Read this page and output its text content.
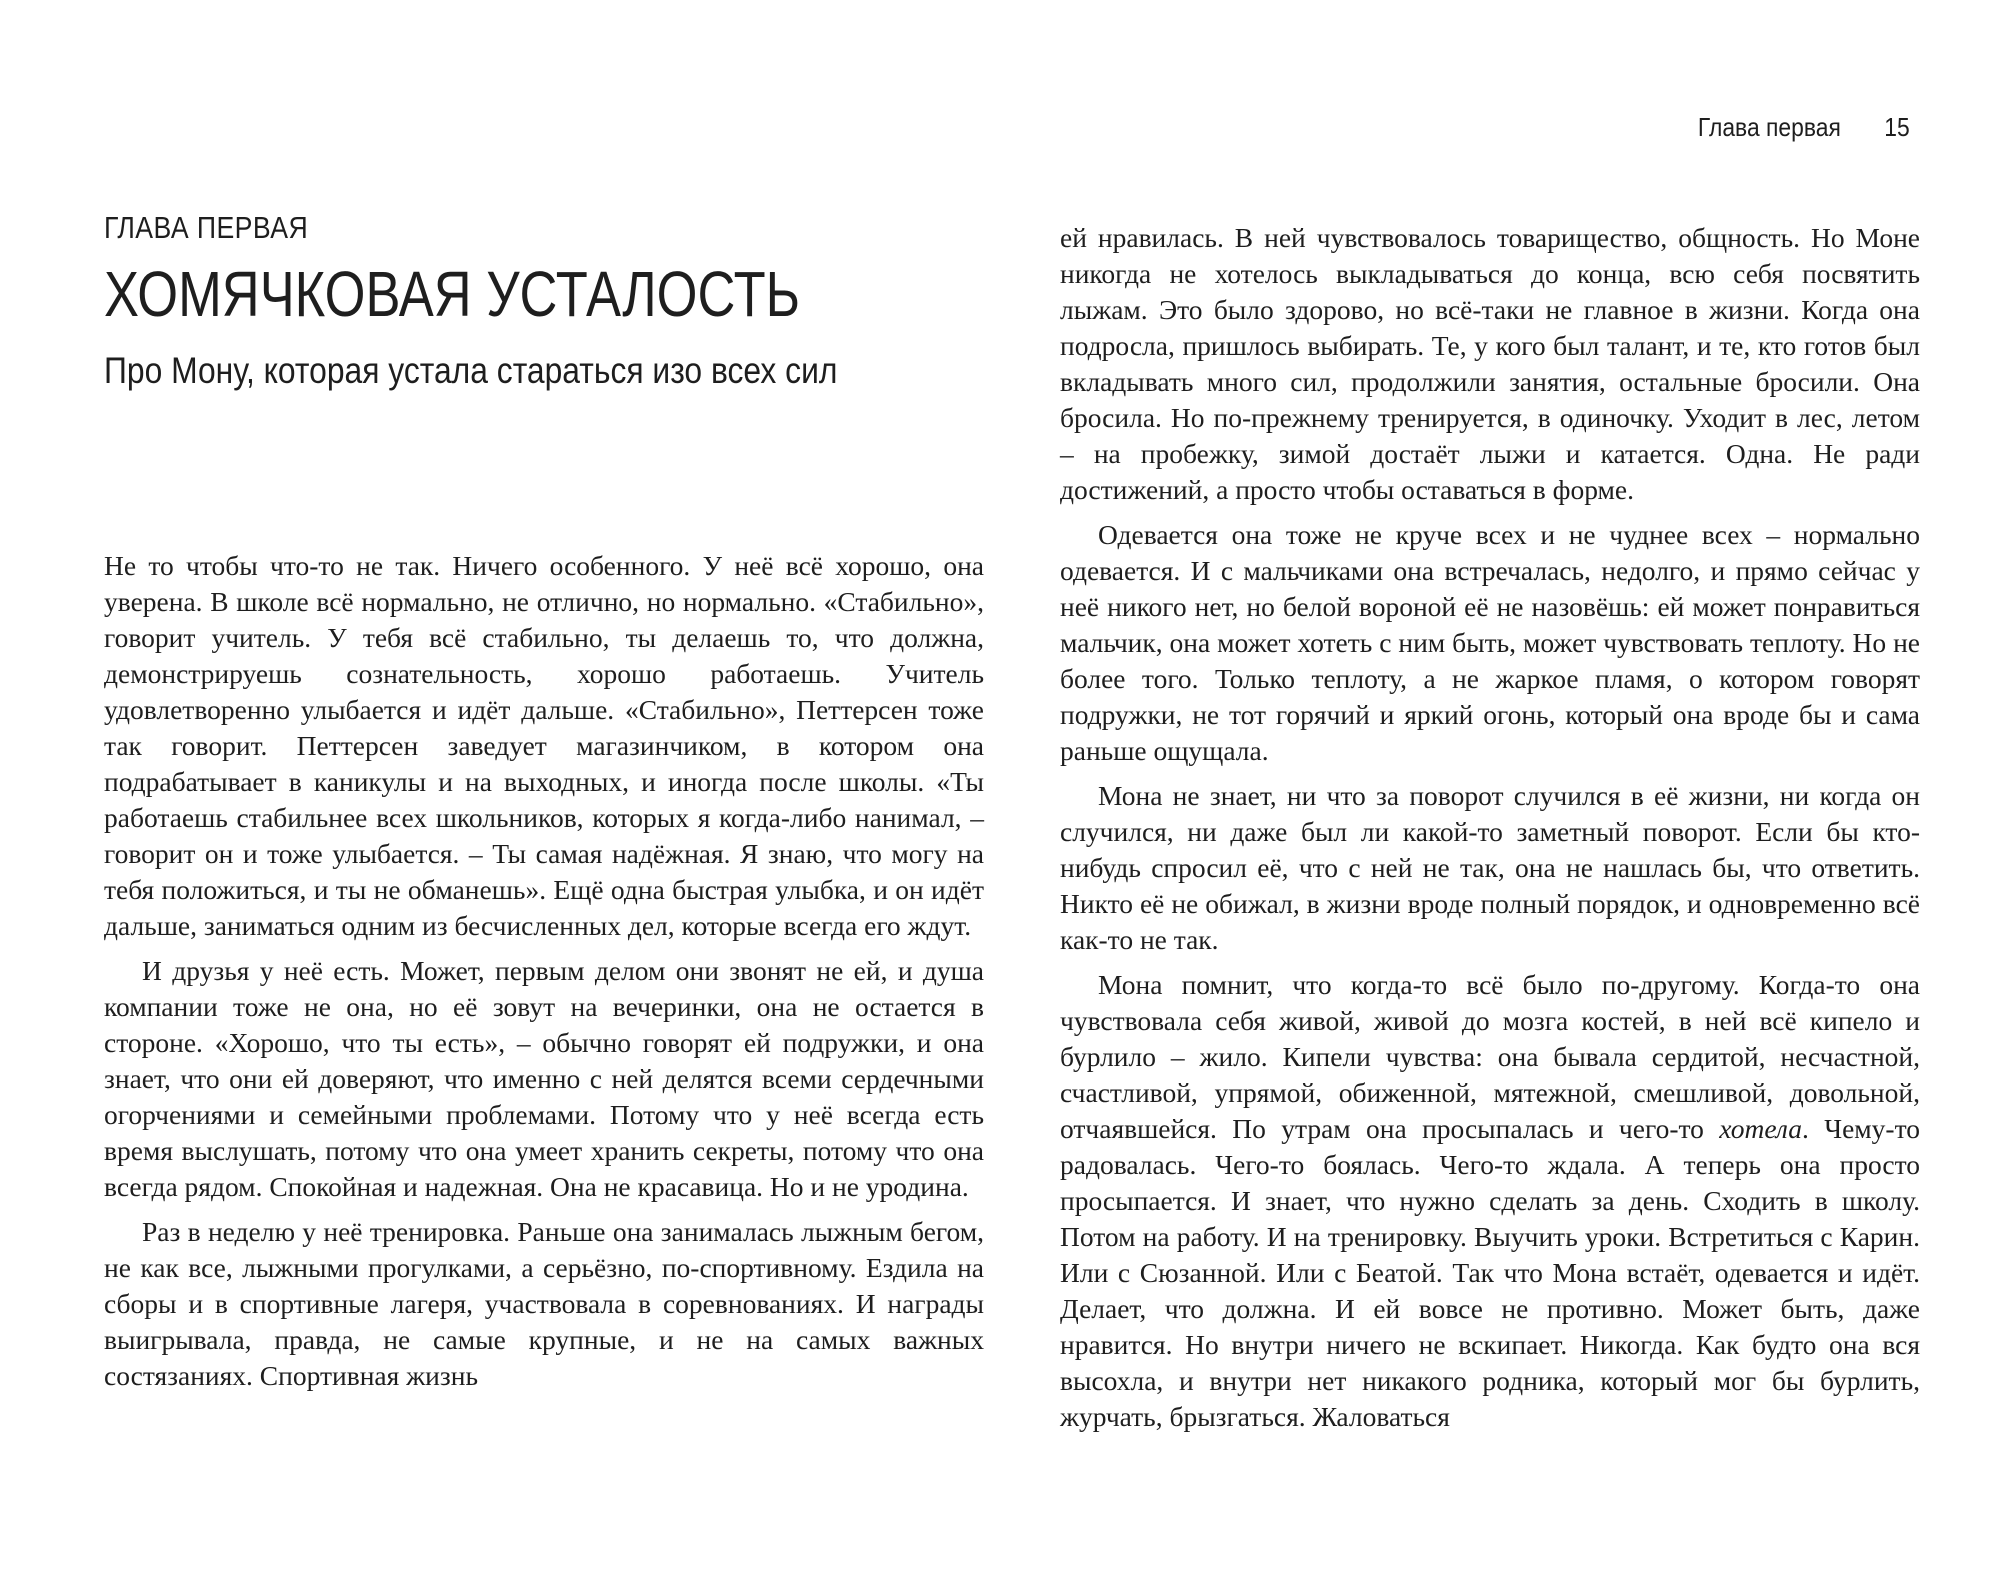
Глава первая 15
ГЛАВА ПЕРВАЯ
ХОМЯЧКОВАЯ УСТАЛОСТЬ
Про Мону, которая устала стараться изо всех сил

Не то чтобы что-то не так. Ничего особенного. У неё всё хорошо, она уверена. В школе всё нормально, не отлично, но нормально. «Стабильно», говорит учитель. У тебя всё стабильно, ты делаешь то, что должна, демонстрируешь сознательность, хорошо работаешь. Учитель удовлетворенно улыбается и идёт дальше. «Стабильно», Петтерсен тоже так говорит. Петтерсен заведует магазинчиком, в котором она подрабатывает в каникулы и на выходных, и иногда после школы. «Ты работаешь стабильнее всех школьников, которых я когда-либо нанимал, – говорит он и тоже улыбается. – Ты самая надёжная. Я знаю, что могу на тебя положиться, и ты не обманешь». Ещё одна быстрая улыбка, и он идёт дальше, заниматься одним из бесчисленных дел, которые всегда его ждут.

И друзья у неё есть. Может, первым делом они звонят не ей, и душа компании тоже не она, но её зовут на вечеринки, она не остается в стороне. «Хорошо, что ты есть», – обычно говорят ей подружки, и она знает, что они ей доверяют, что именно с ней делятся всеми сердечными огорчениями и семейными проблемами. Потому что у неё всегда есть время выслушать, потому что она умеет хранить секреты, потому что она всегда рядом. Спокойная и надежная. Она не красавица. Но и не уродина.

Раз в неделю у неё тренировка. Раньше она занималась лыжным бегом, не как все, лыжными прогулками, а серьёзно, по-спортивному. Ездила на сборы и в спортивные лагеря, участвовала в соревнованиях. И награды выигрывала, правда, не самые крупные, и не на самых важных состязаниях. Спортивная жизнь

ей нравилась. В ней чувствовалось товарищество, общность. Но Моне никогда не хотелось выкладываться до конца, всю себя посвятить лыжам. Это было здорово, но всё-таки не главное в жизни. Когда она подросла, пришлось выбирать. Те, у кого был талант, и те, кто готов был вкладывать много сил, продолжили занятия, остальные бросили. Она бросила. Но по-прежнему тренируется, в одиночку. Уходит в лес, летом – на пробежку, зимой достаёт лыжи и катается. Одна. Не ради достижений, а просто чтобы оставаться в форме.

Одевается она тоже не круче всех и не чуднее всех – нормально одевается. И с мальчиками она встречалась, недолго, и прямо сейчас у неё никого нет, но белой вороной её не назовёшь: ей может понравиться мальчик, она может хотеть с ним быть, может чувствовать теплоту. Но не более того. Только теплоту, а не жаркое пламя, о котором говорят подружки, не тот горячий и яркий огонь, который она вроде бы и сама раньше ощущала.

Мона не знает, ни что за поворот случился в её жизни, ни когда он случился, ни даже был ли какой-то заметный поворот. Если бы кто-нибудь спросил её, что с ней не так, она не нашлась бы, что ответить. Никто её не обижал, в жизни вроде полный порядок, и одновременно всё как-то не так.

Мона помнит, что когда-то всё было по-другому. Когда-то она чувствовала себя живой, живой до мозга костей, в ней всё кипело и бурлило – жило. Кипели чувства: она бывала сердитой, несчастной, счастливой, упрямой, обиженной, мятежной, смешливой, довольной, отчаявшейся. По утрам она просыпалась и чего-то хотела. Чему-то радовалась. Чего-то боялась. Чего-то ждала. А теперь она просто просыпается. И знает, что нужно сделать за день. Сходить в школу. Потом на работу. И на тренировку. Выучить уроки. Встретиться с Карин. Или с Сюзанной. Или с Беатой. Так что Мона встаёт, одевается и идёт. Делает, что должна. И ей вовсе не противно. Может быть, даже нравится. Но внутри ничего не вскипает. Никогда. Как будто она вся высохла, и внутри нет никакого родника, который мог бы бурлить, журчать, брызгаться. Жаловаться
